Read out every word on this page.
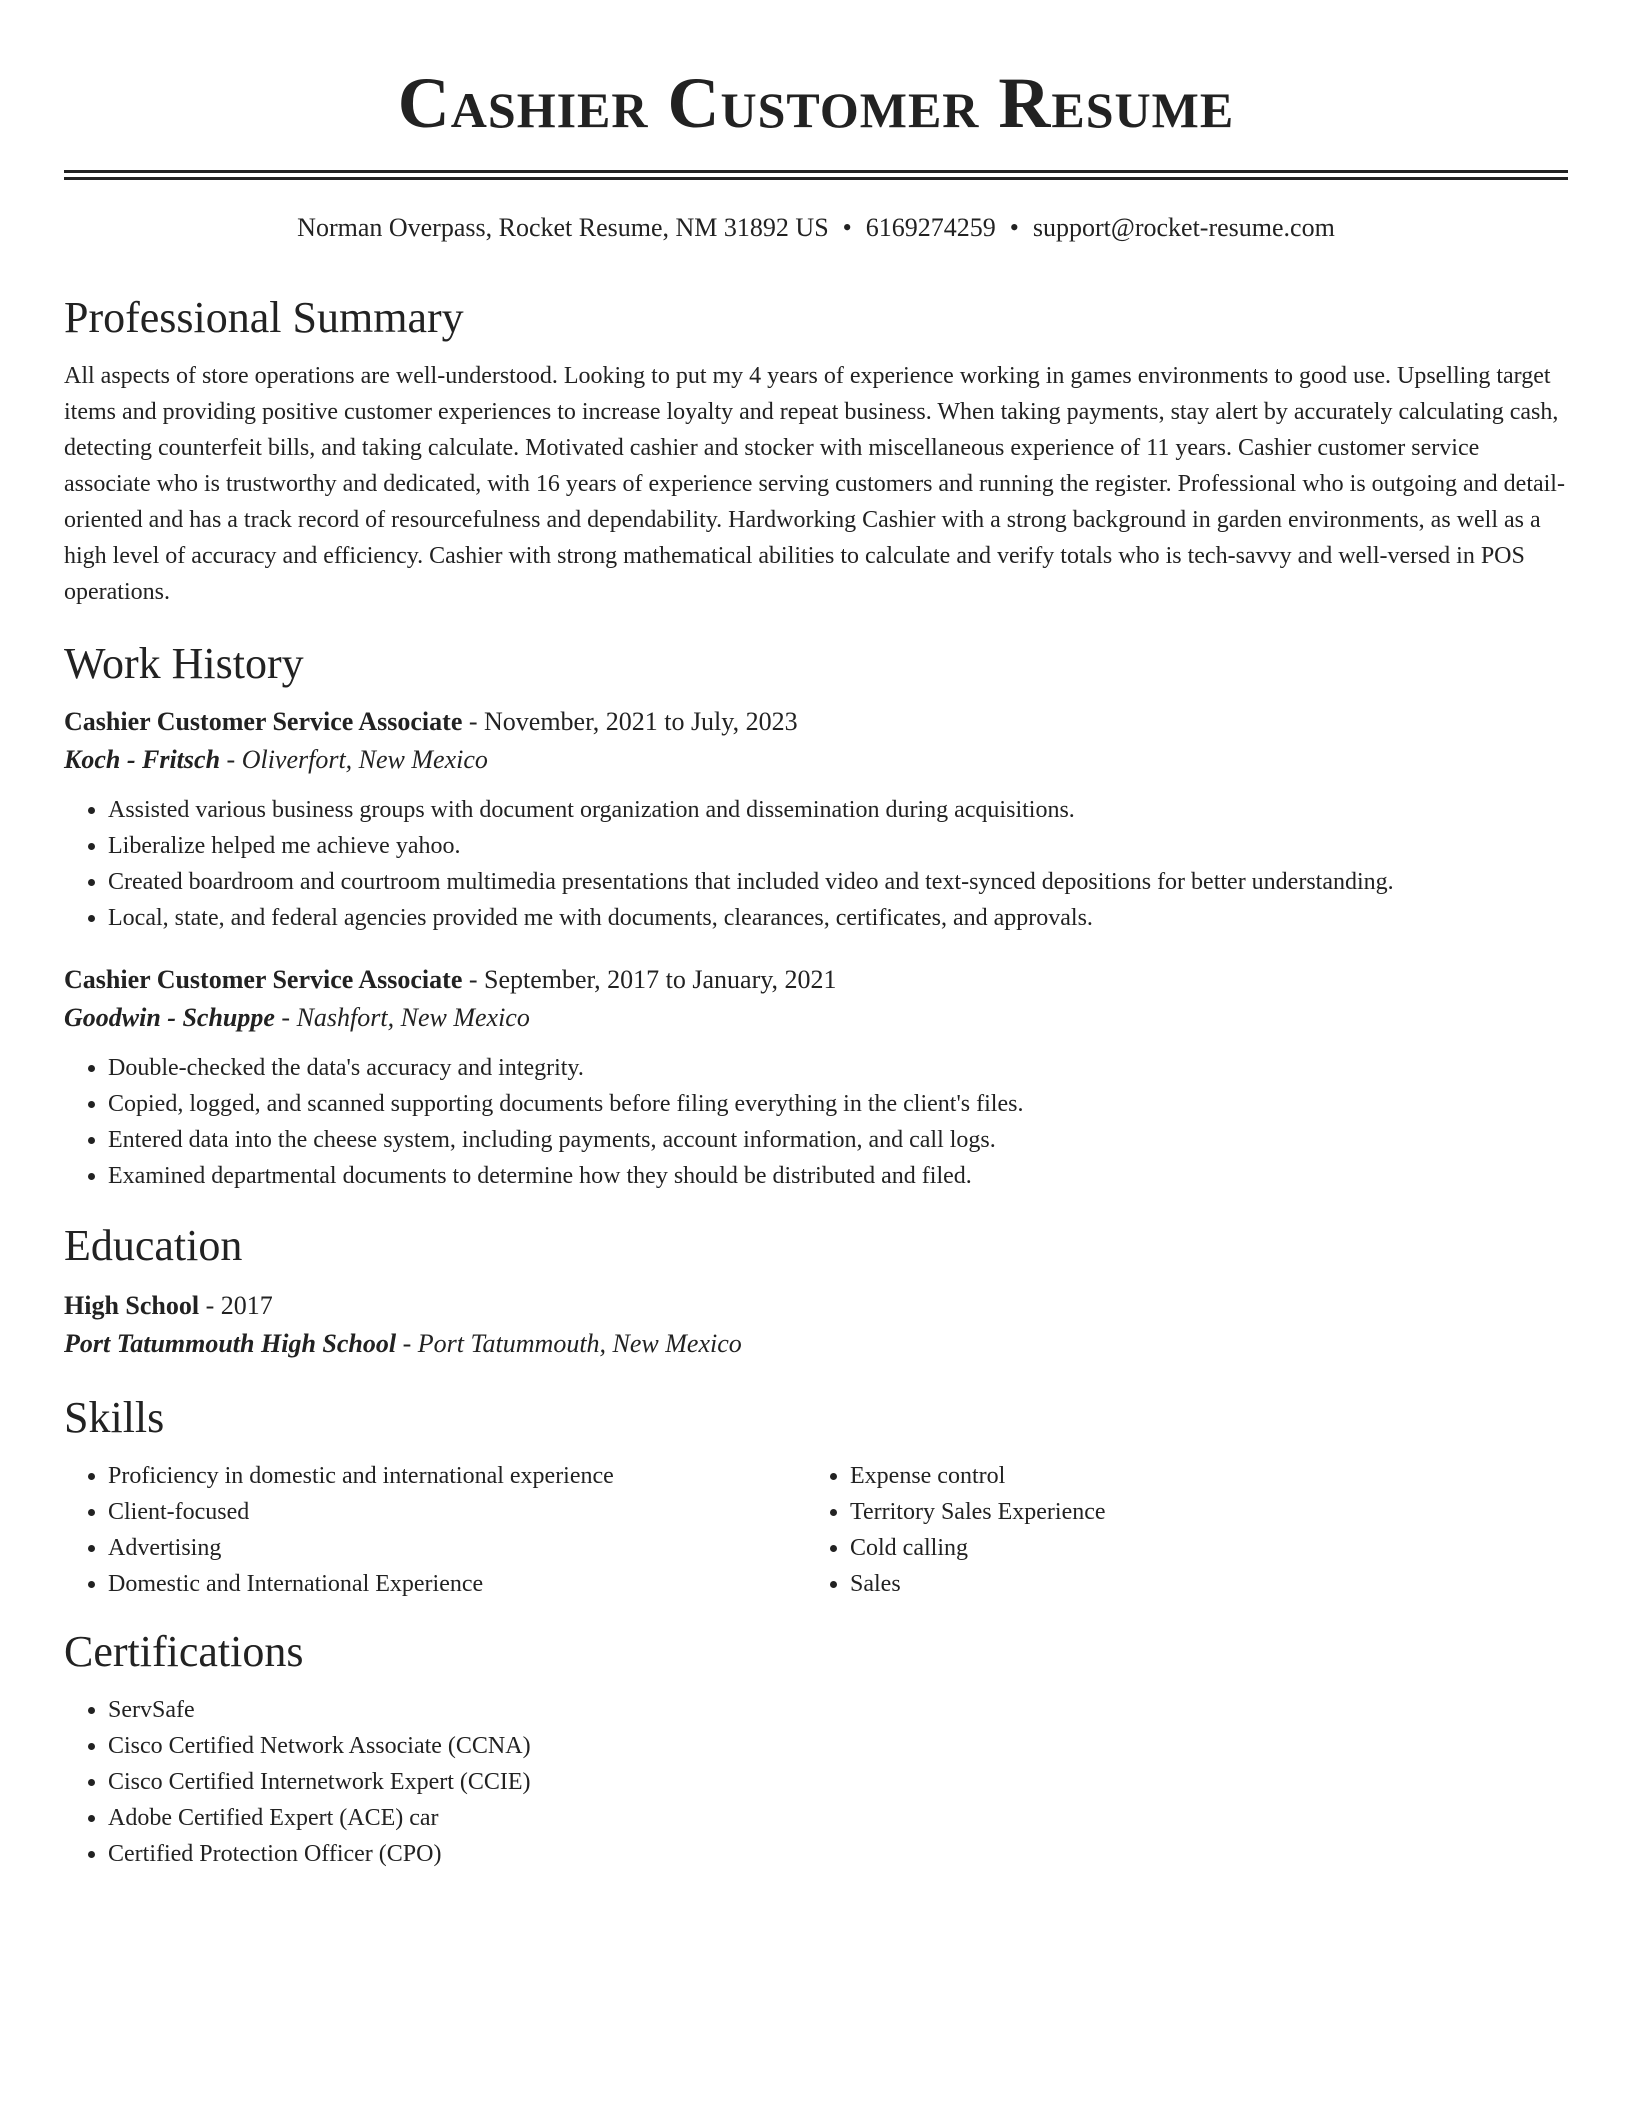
Cashier Customer Resume
Norman Overpass, Rocket Resume, NM 31892 US • 6169274259 • support@rocket-resume.com
Professional Summary
All aspects of store operations are well-understood. Looking to put my 4 years of experience working in games environments to good use. Upselling target items and providing positive customer experiences to increase loyalty and repeat business. When taking payments, stay alert by accurately calculating cash, detecting counterfeit bills, and taking calculate. Motivated cashier and stocker with miscellaneous experience of 11 years. Cashier customer service associate who is trustworthy and dedicated, with 16 years of experience serving customers and running the register. Professional who is outgoing and detail-oriented and has a track record of resourcefulness and dependability. Hardworking Cashier with a strong background in garden environments, as well as a high level of accuracy and efficiency. Cashier with strong mathematical abilities to calculate and verify totals who is tech-savvy and well-versed in POS operations.
Work History
Cashier Customer Service Associate - November, 2021 to July, 2023
Koch - Fritsch - Oliverfort, New Mexico
• Assisted various business groups with document organization and dissemination during acquisitions.
• Liberalize helped me achieve yahoo.
• Created boardroom and courtroom multimedia presentations that included video and text-synced depositions for better understanding.
• Local, state, and federal agencies provided me with documents, clearances, certificates, and approvals.
Cashier Customer Service Associate - September, 2017 to January, 2021
Goodwin - Schuppe - Nashfort, New Mexico
• Double-checked the data's accuracy and integrity.
• Copied, logged, and scanned supporting documents before filing everything in the client's files.
• Entered data into the cheese system, including payments, account information, and call logs.
• Examined departmental documents to determine how they should be distributed and filed.
Education
High School - 2017
Port Tatummouth High School - Port Tatummouth, New Mexico
Skills
• Proficiency in domestic and international experience
• Client-focused
• Advertising
• Domestic and International Experience
• Expense control
• Territory Sales Experience
• Cold calling
• Sales
Certifications
• ServSafe
• Cisco Certified Network Associate (CCNA)
• Cisco Certified Internetwork Expert (CCIE)
• Adobe Certified Expert (ACE) car
• Certified Protection Officer (CPO)
